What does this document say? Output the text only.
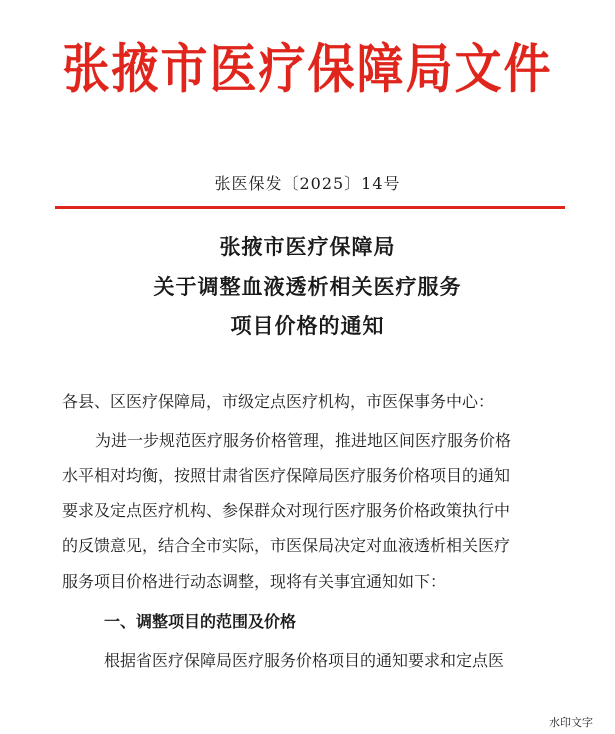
张掖市医疗保障局文件
张医保发〔2025〕14号
张掖市医疗保障局
关于调整血液透析相关医疗服务
项目价格的通知
各县、区医疗保障局，市级定点医疗机构，市医保事务中心：
为进一步规范医疗服务价格管理，推进地区间医疗服务价格
水平相对均衡，按照甘肃省医疗保障局医疗服务价格项目的通知
要求及定点医疗机构、参保群众对现行医疗服务价格政策执行中
的反馈意见，结合全市实际，市医保局决定对血液透析相关医疗
服务项目价格进行动态调整，现将有关事宜通知如下：
一、调整项目的范围及价格
根据省医疗保障局医疗服务价格项目的通知要求和定点医
水印文字
